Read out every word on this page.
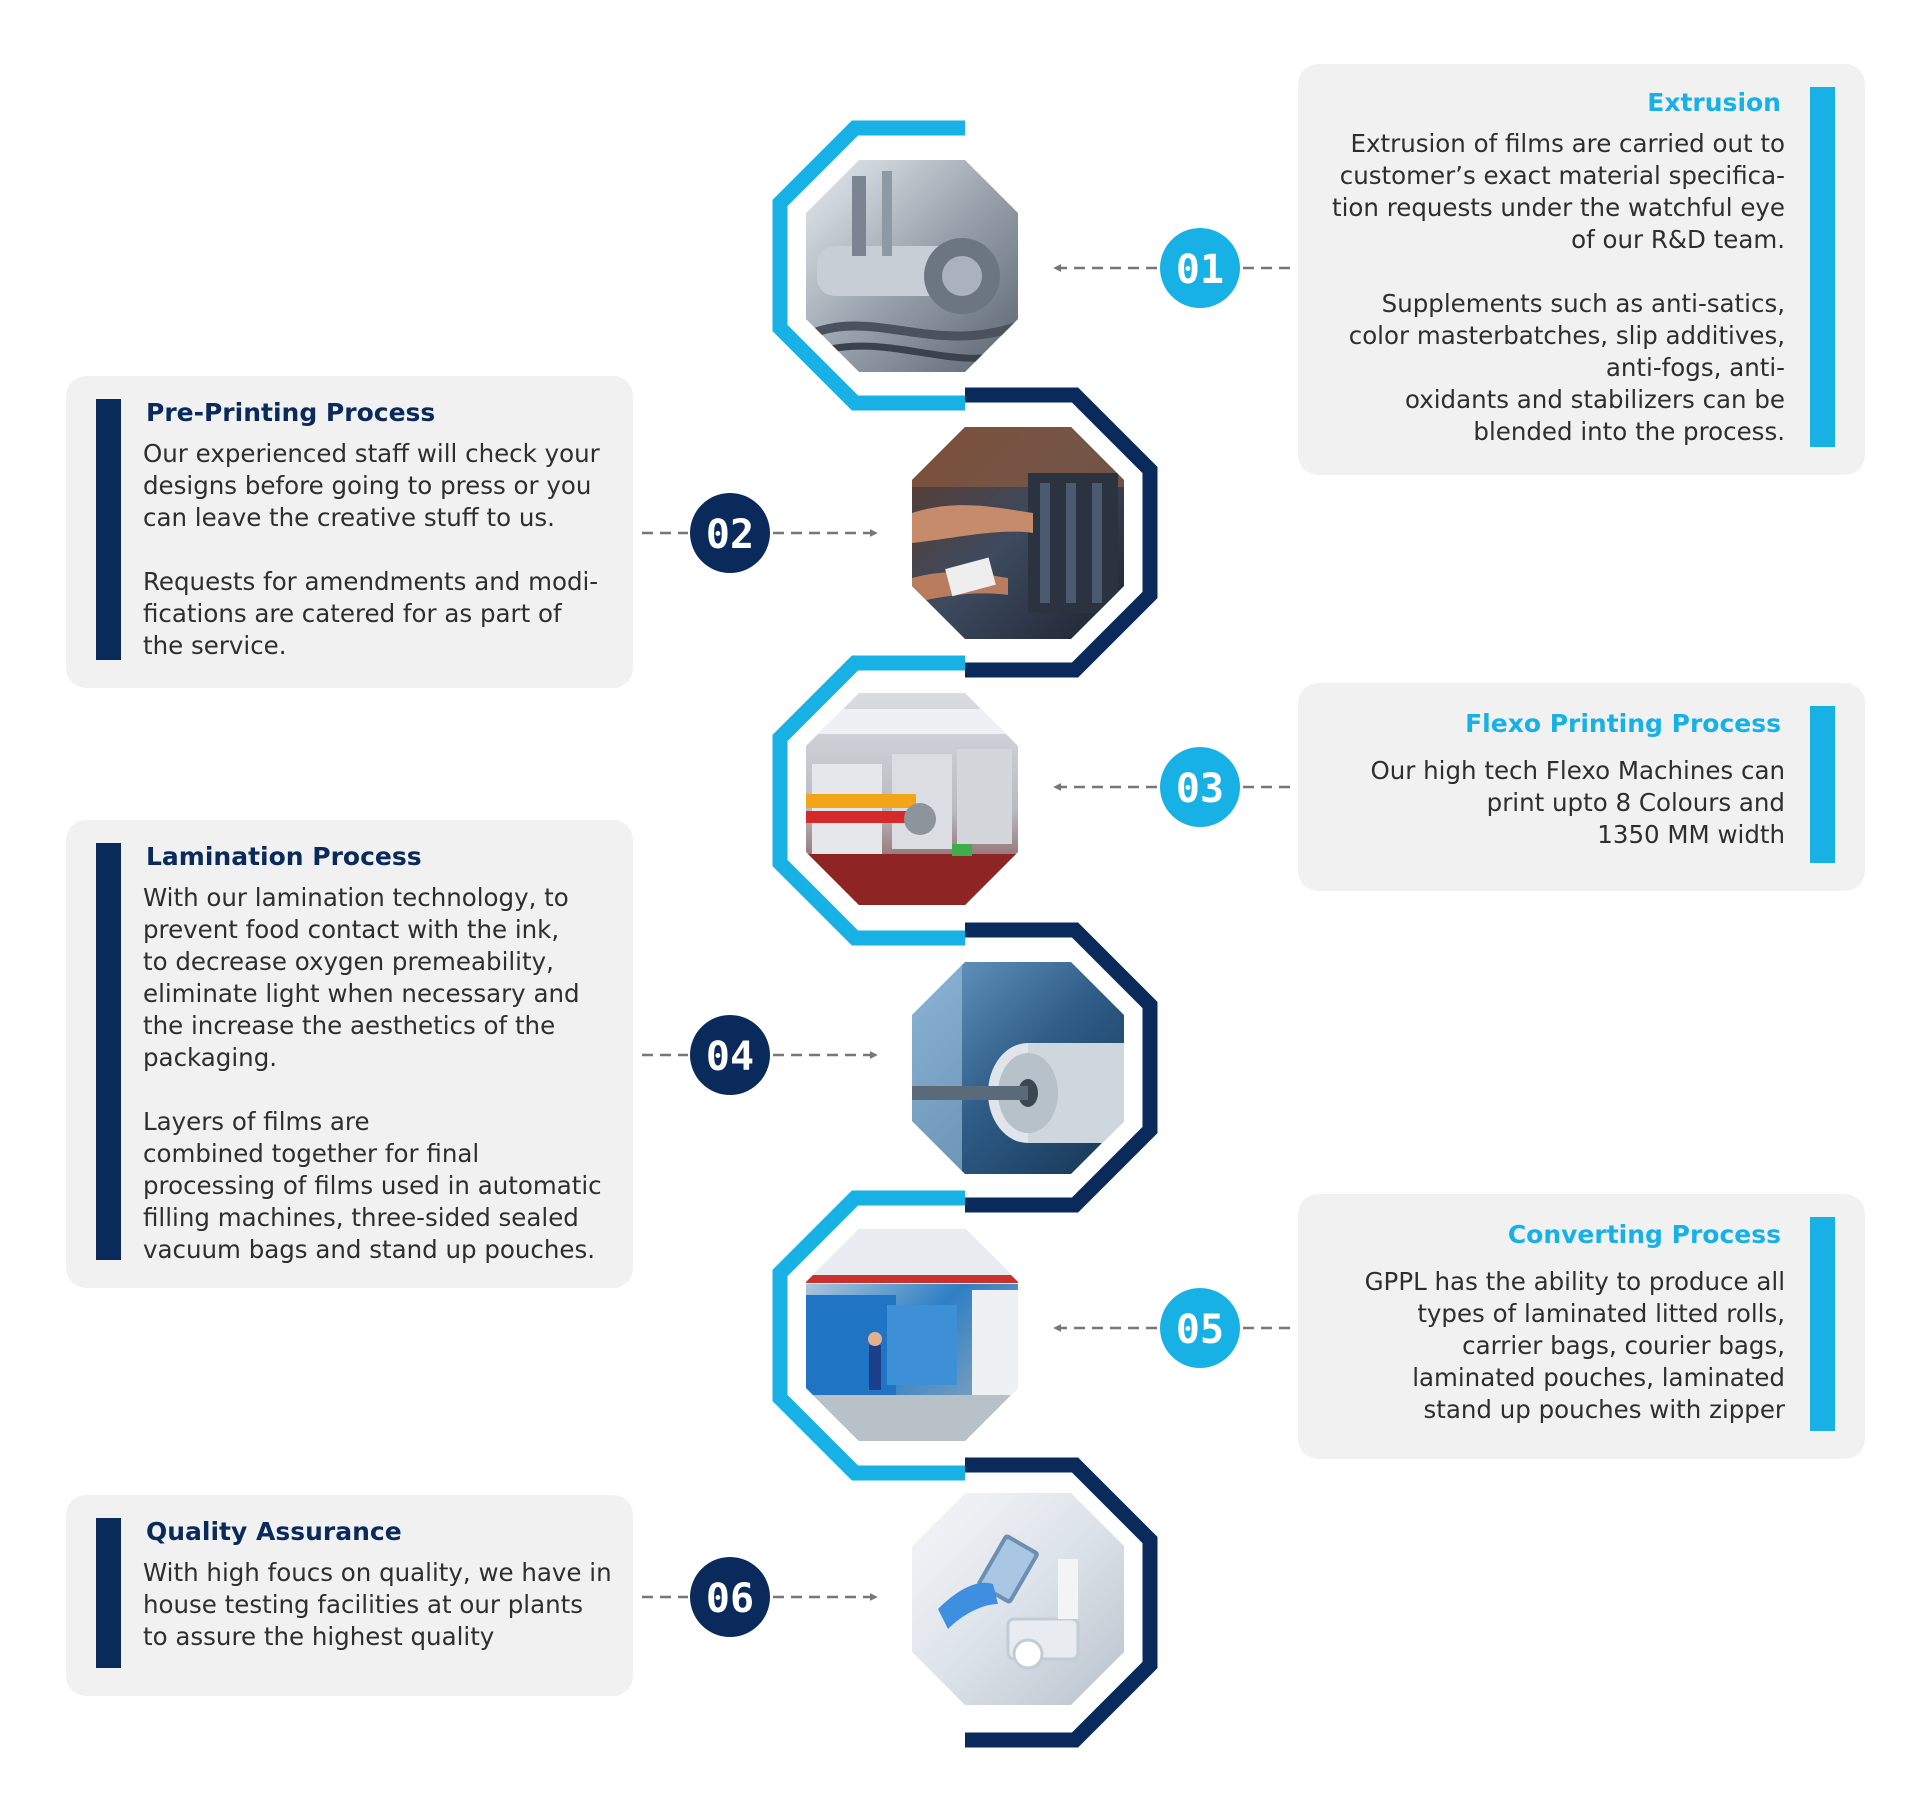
01
02
03
04
05
06
Extrusion

Extrusion of films are carried out to
customer’s exact material specifica-
tion requests under the watchful eye
of our R&D team.

Supplements such as anti-satics,
color masterbatches, slip additives,
anti-fogs, anti-
oxidants and stabilizers can be
blended into the process.

Pre-Printing Process

Our experienced staff will check your
designs before going to press or you
can leave the creative stuff to us.

Requests for amendments and modi-
fications are catered for as part of
the service.

Flexo Printing Process

Our high tech Flexo Machines can
print upto 8 Colours and
1350 MM width

Lamination Process

With our lamination technology, to
prevent food contact with the ink,
to decrease oxygen premeability,
eliminate light when necessary and
the increase the aesthetics of the
packaging.

Layers of films are
combined together for final
processing of films used in automatic
filling machines, three-sided sealed
vacuum bags and stand up pouches.

Converting Process

GPPL has the ability to produce all
types of laminated litted rolls,
carrier bags, courier bags,
laminated pouches, laminated
stand up pouches with zipper

Quality Assurance

With high foucs on quality, we have in
house testing facilities at our plants
to assure the highest quality
